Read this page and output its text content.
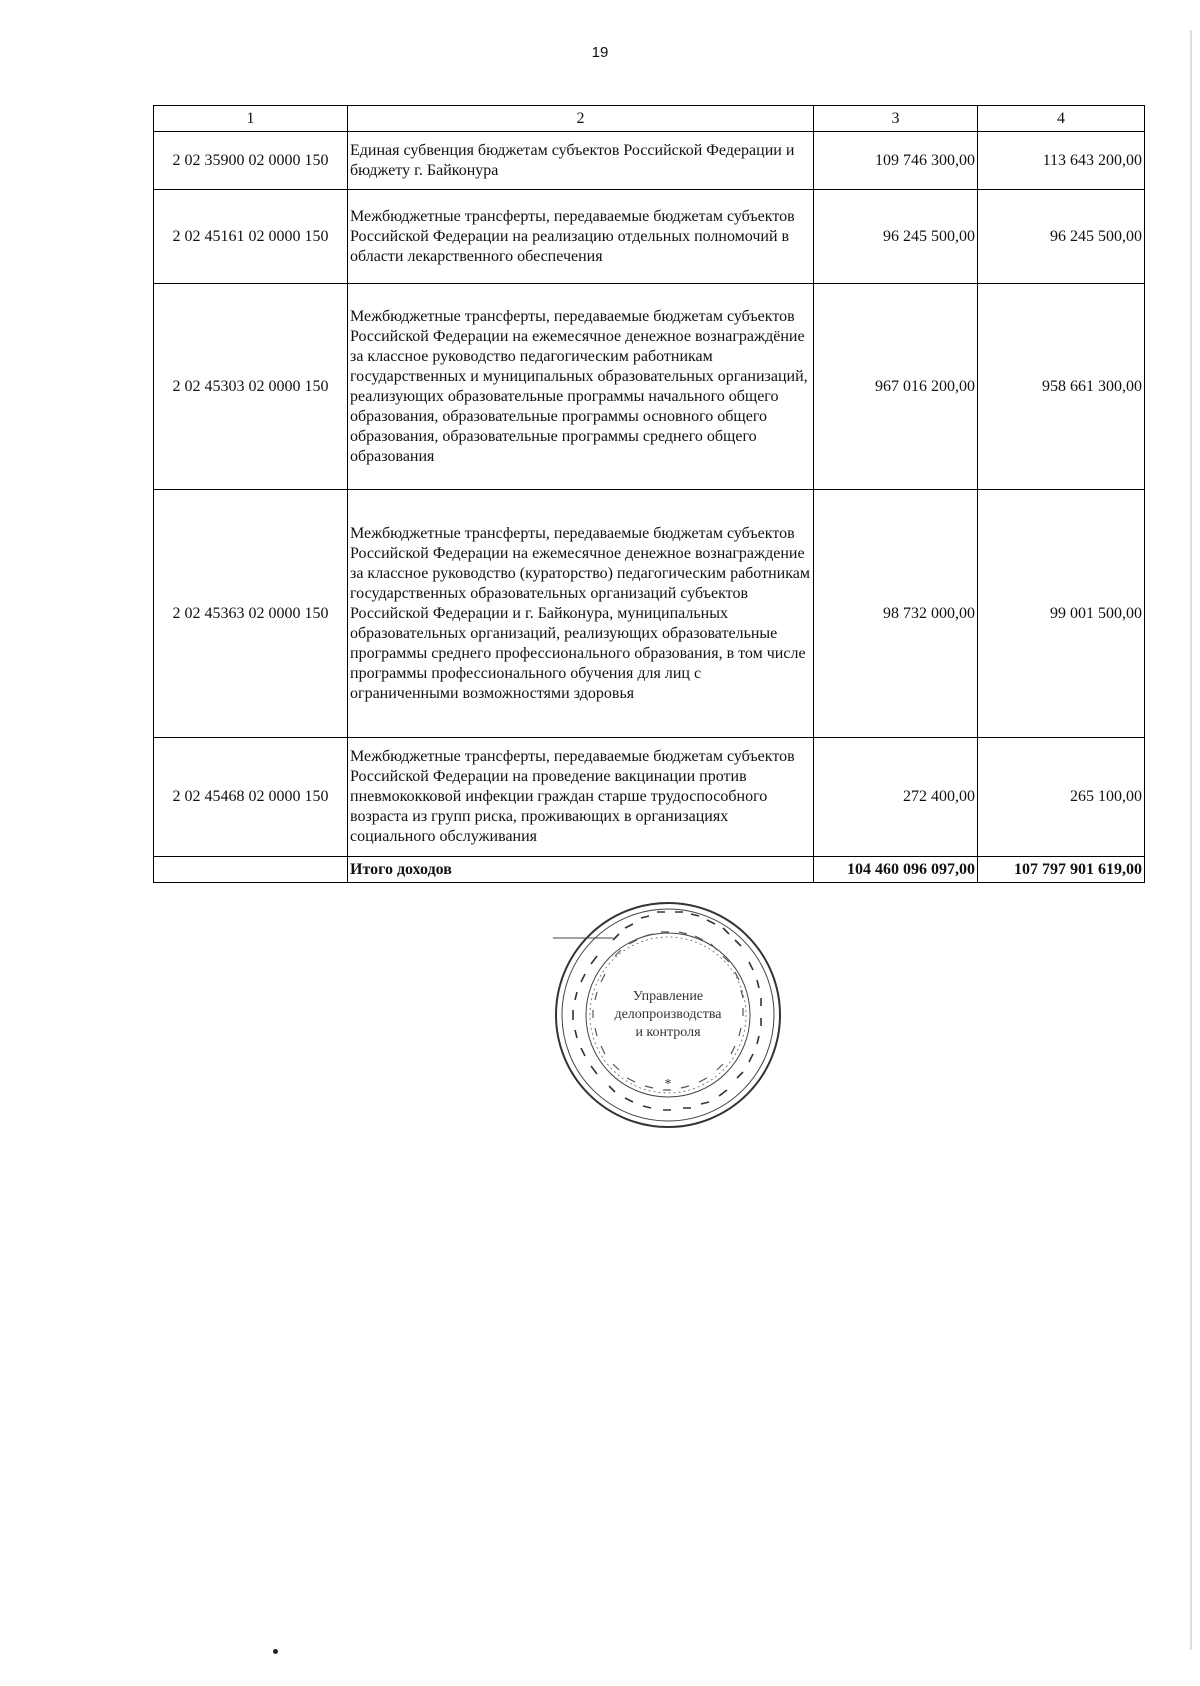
19
1	2	3	4
2 02 35900 02 0000 150	Единая субвенция бюджетам субъектов Российской Федерации и бюджету г. Байконура	109 746 300,00	113 643 200,00
2 02 45161 02 0000 150	Межбюджетные трансферты, передаваемые бюджетам субъектов Российской Федерации на реализацию отдельных полномочий в области лекарственного обеспечения	96 245 500,00	96 245 500,00
2 02 45303 02 0000 150	Межбюджетные трансферты, передаваемые бюджетам субъектов Российской Федерации на ежемесячное денежное вознаграждёние за классное руководство педагогическим работникам государственных и муниципальных образовательных организаций, реализующих образовательные программы начального общего образования, образовательные программы основного общего образования, образовательные программы среднего общего образования	967 016 200,00	958 661 300,00
2 02 45363 02 0000 150	Межбюджетные трансферты, передаваемые бюджетам субъектов Российской Федерации на ежемесячное денежное вознаграждение за классное руководство (кураторство) педагогическим работникам государственных образовательных организаций субъектов Российской Федерации и г. Байконура, муниципальных образовательных организаций, реализующих образовательные программы среднего профессионального образования, в том числе программы профессионального обучения для лиц с ограниченными возможностями здоровья	98 732 000,00	99 001 500,00
2 02 45468 02 0000 150	Межбюджетные трансферты, передаваемые бюджетам субъектов Российской Федерации на проведение вакцинации против пневмококковой инфекции граждан старше трудоспособного возраста из групп риска, проживающих в организациях социального обслуживания	272 400,00	265 100,00
	Итого доходов	104 460 096 097,00	107 797 901 619,00
*
Управление
делопроизводства
и контроля
